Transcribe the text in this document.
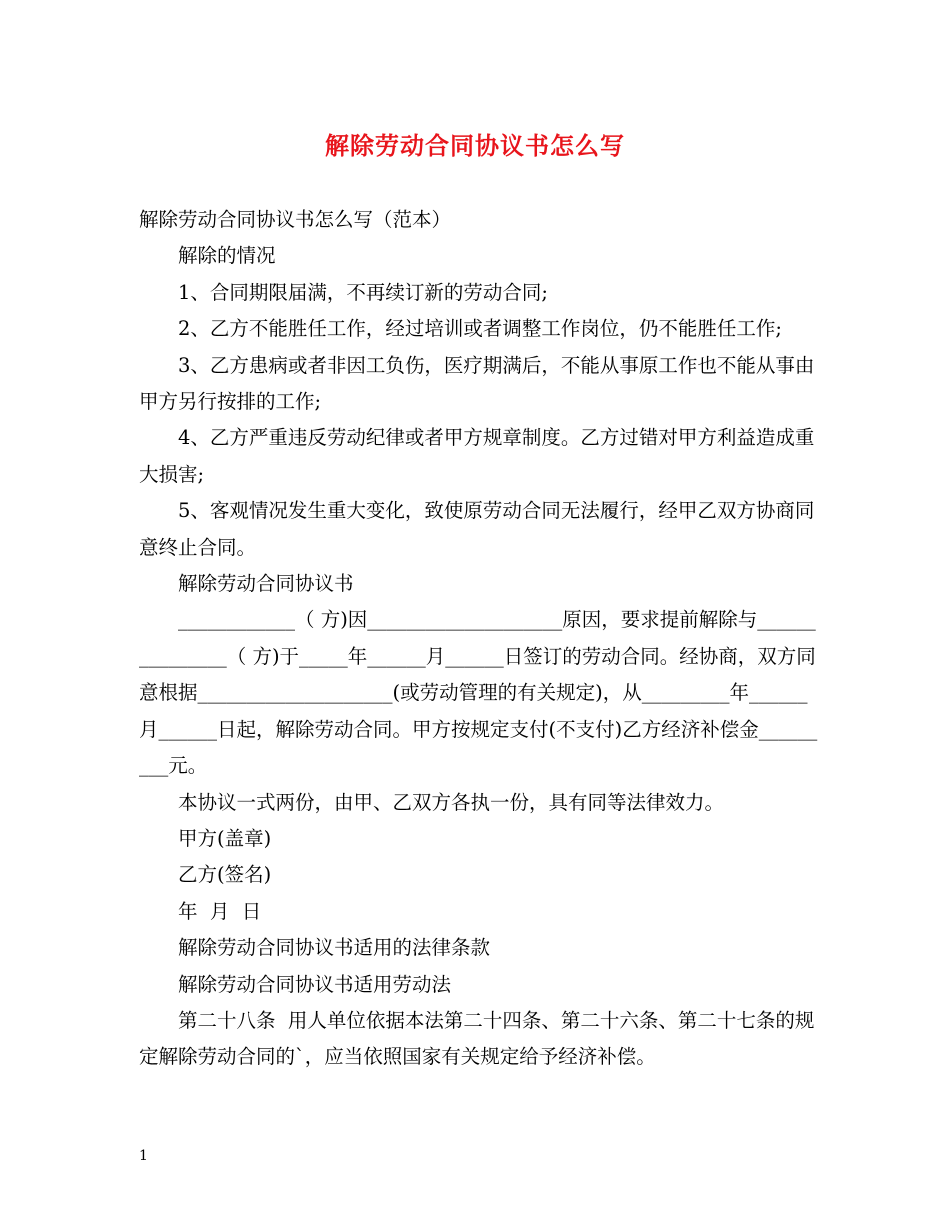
解除劳动合同协议书怎么写

解除劳动合同协议书怎么写（范本）

解除的情况

1、合同期限届满，不再续订新的劳动合同;

2、乙方不能胜任工作，经过培训或者调整工作岗位，仍不能胜任工作;

3、乙方患病或者非因工负伤，医疗期满后，不能从事原工作也不能从事由甲方另行按排的工作;

4、乙方严重违反劳动纪律或者甲方规章制度。乙方过错对甲方利益造成重大损害;

5、客观情况发生重大变化，致使原劳动合同无法履行，经甲乙双方协商同意终止合同。

解除劳动合同协议书

____________（ 方)因____________________原因，要求提前解除与_______________（ 方)于_____年______月______日签订的劳动合同。经协商，双方同意根据____________________(或劳动管理的有关规定)，从_________年______月______日起，解除劳动合同。甲方按规定支付(不支付)乙方经济补偿金_________元。

本协议一式两份，由甲、乙双方各执一份，具有同等法律效力。

甲方(盖章)

乙方(签名)

年  月  日

解除劳动合同协议书适用的法律条款

解除劳动合同协议书适用劳动法

第二十八条  用人单位依据本法第二十四条、第二十六条、第二十七条的规定解除劳动合同的`，应当依照国家有关规定给予经济补偿。

1
